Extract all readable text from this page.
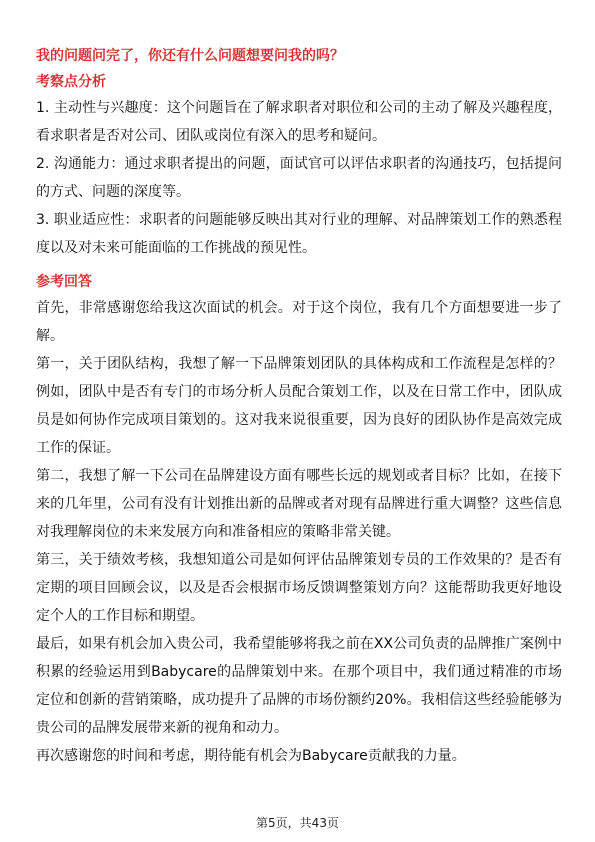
我的问题问完了，你还有什么问题想要问我的吗？

考察点分析

1. 主动性与兴趣度：这个问题旨在了解求职者对职位和公司的主动了解及兴趣程度，看求职者是否对公司、团队或岗位有深入的思考和疑问。

2. 沟通能力：通过求职者提出的问题，面试官可以评估求职者的沟通技巧，包括提问的方式、问题的深度等。

3. 职业适应性：求职者的问题能够反映出其对行业的理解、对品牌策划工作的熟悉程度以及对未来可能面临的工作挑战的预见性。

参考回答

首先，非常感谢您给我这次面试的机会。对于这个岗位，我有几个方面想要进一步了解。

第一，关于团队结构，我想了解一下品牌策划团队的具体构成和工作流程是怎样的？例如，团队中是否有专门的市场分析人员配合策划工作，以及在日常工作中，团队成员是如何协作完成项目策划的。这对我来说很重要，因为良好的团队协作是高效完成工作的保证。

第二，我想了解一下公司在品牌建设方面有哪些长远的规划或者目标？比如，在接下来的几年里，公司有没有计划推出新的品牌或者对现有品牌进行重大调整？这些信息对我理解岗位的未来发展方向和准备相应的策略非常关键。

第三，关于绩效考核，我想知道公司是如何评估品牌策划专员的工作效果的？是否有定期的项目回顾会议，以及是否会根据市场反馈调整策划方向？这能帮助我更好地设定个人的工作目标和期望。

最后，如果有机会加入贵公司，我希望能够将我之前在XX公司负责的品牌推广案例中积累的经验运用到Babycare的品牌策划中来。在那个项目中，我们通过精准的市场定位和创新的营销策略，成功提升了品牌的市场份额约20%。我相信这些经验能够为贵公司的品牌发展带来新的视角和动力。

再次感谢您的时间和考虑，期待能有机会为Babycare贡献我的力量。

第5页，共43页
